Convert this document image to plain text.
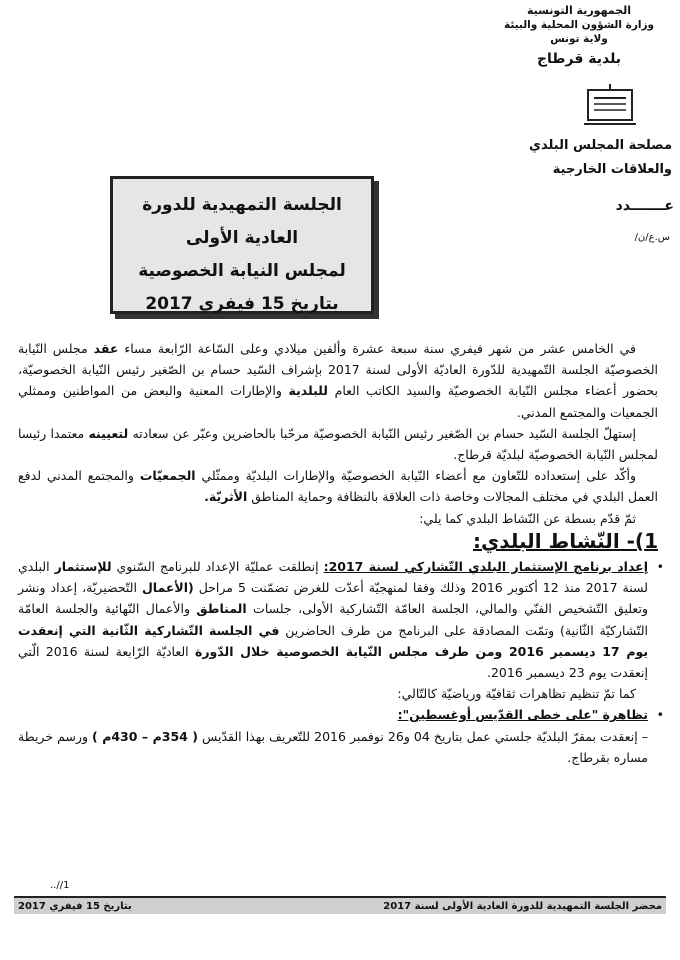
الجمهورية التونسية
وزارة الشؤون المحلية والبيئة
ولاية تونس
بلدية قرطاج
مصلحة المجلس البلدي
والعلاقات الخارجية
عـــــــدد
س.ع/ن/
الجلسة التمهيدية للدورة العادية الأولى
لمجلس النيابة الخصوصية
بتاريخ 15 فيفري 2017

في الخامس عشر من شهر فيفري سنة سبعة عشرة وألفين ميلادي وعلى السّاعة الرّابعة مساء عقد مجلس النّيابة الخصوصيّة الجلسة التّمهيدية للدّورة العاديّة الأولى لسنة 2017 بإشراف السّيد حسام بن الصّغير رئيس النّيابة الخصوصيّة، بحضور أعضاء مجلس النّيابة الخصوصيّة والسيد الكاتب العام للبلدية والإطارات المعنية والبعض من المواطنين وممثلي الجمعيات والمجتمع المدني.

إستهلّ الجلسة السّيد حسام بن الصّغير رئيس النّيابة الخصوصيّة مرحّبا بالحاضرين وعبّر عن سعادته لتعيينه معتمدا رئيسا لمجلس النّيابة الخصوصيّة لبلديّة قرطاج.

وأكّد على إستعداده للتّعاون مع أعضاء النّيابة الخصوصيّة والإطارات البلديّة وممثّلي الجمعيّات والمجتمع المدني لدفع العمل البلدي في مختلف المجالات وخاصة ذات العلاقة بالنظافة وحماية المناطق الأثريّة.

ثمّ قدّم بسطة عن النّشاط البلدي كما يلي:

1)- النّشاط البلدي:

•
إعداد برنامج الإستثمار البلدي التّشاركي لسنة 2017: إنطلقت عمليّة الإعداد للبرنامج السّنوي للإستثمار البلدي لسنة 2017 منذ 12 أكتوبر 2016 وذلك وفقا لمنهجيّة أعدّت للغرض تضمّنت 5 مراحل (الأعمال التّحضيريّة، إعداد ونشر وتعليق التّشخيص الفنّي والمالي، الجلسة العامّة التّشاركية الأولى، جلسات المناطق والأعمال النّهائية والجلسة العامّة التّشاركيّة الثّانية) وتمّت المصادقة على البرنامج من طرف الحاضرين في الجلسة التّشاركية الثّانية التي إنعقدت يوم 17 ديسمبر 2016 ومن طرف مجلس النّيابة الخصوصية خلال الدّورة العاديّة الرّابعة لسنة 2016 الّتي إنعقدت يوم 23 ديسمبر 2016.

كما تمّ تنظيم تظاهرات ثقافيّة ورياضيّة كالتّالي:

•
تظاهرة "على خطى القدّيس أوغسطين":

– إنعقدت بمقرّ البلديّة جلستي عمل بتاريخ 04 و26 نوفمبر 2016 للتّعريف بهذا القدّيس ( 354م – 430م ) ورسم خريطة مساره بقرطاج.

..//1
بتاريخ 15 فيفري 2017	محضر الجلسة التمهيدية للدورة العادية الأولى لسنة 2017
